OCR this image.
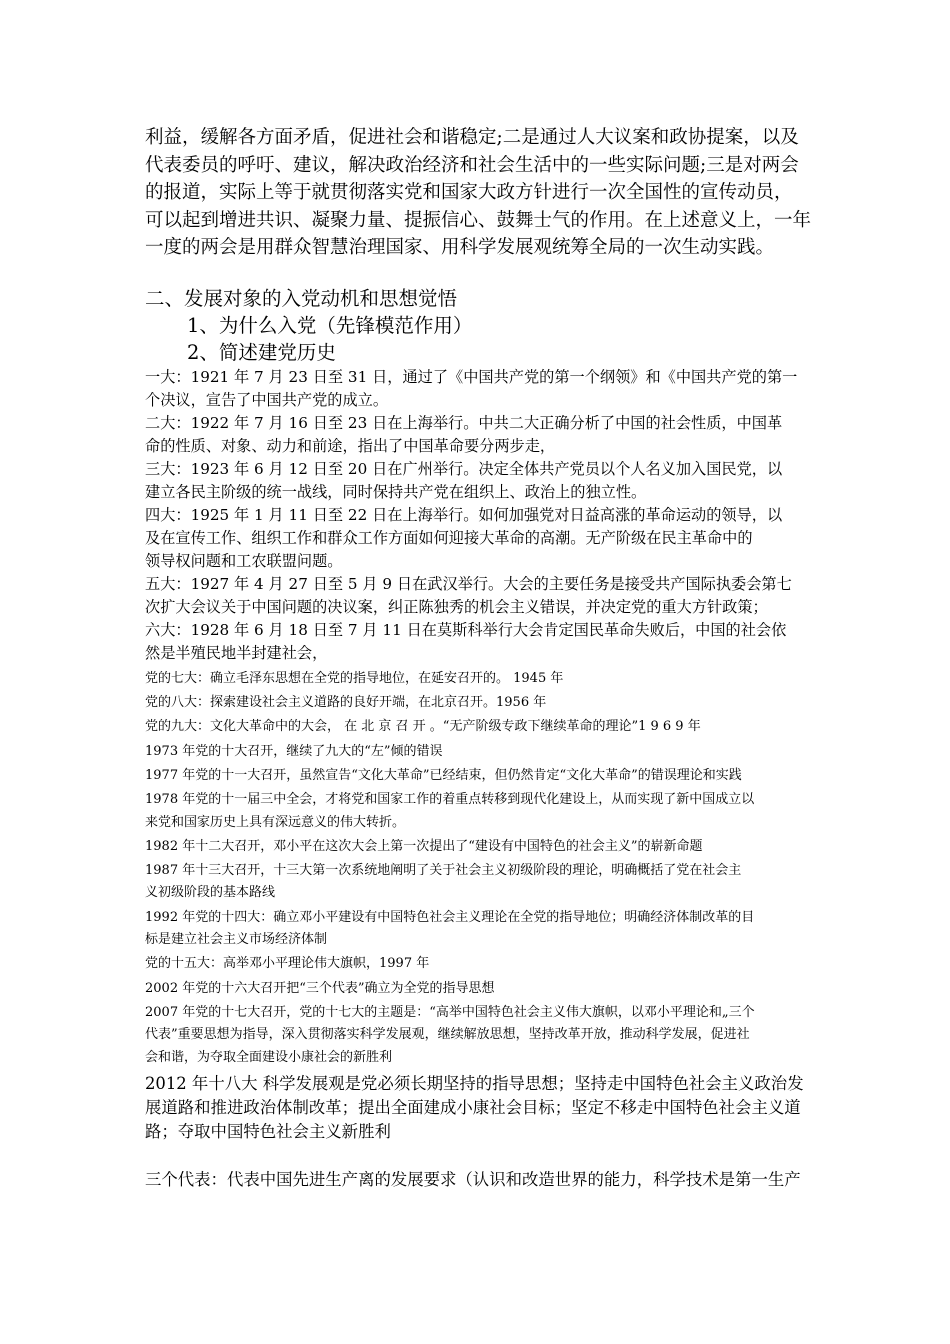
利益，缓解各方面矛盾，促进社会和谐稳定;二是通过人大议案和政协提案，以及

代表委员的呼吁、建议，解决政治经济和社会生活中的一些实际问题;三是对两会

的报道，实际上等于就贯彻落实党和国家大政方针进行一次全国性的宣传动员，

可以起到增进共识、凝聚力量、提振信心、鼓舞士气的作用。在上述意义上，一年

一度的两会是用群众智慧治理国家、用科学发展观统筹全局的一次生动实践。

二、发展对象的入党动机和思想觉悟

1、为什么入党（先锋模范作用）

2、简述建党历史

一大：1921 年 7 月 23 日至 31 日，通过了《中国共产党的第一个纲领》和《中国共产党的第一

个决议，宣告了中国共产党的成立。

二大：1922 年 7 月 16 日至 23 日在上海举行。中共二大正确分析了中国的社会性质，中国革

命的性质、对象、动力和前途，指出了中国革命要分两步走，

三大：1923 年 6 月 12 日至 20 日在广州举行。决定全体共产党员以个人名义加入国民党，以

建立各民主阶级的统一战线，同时保持共产党在组织上、政治上的独立性。

四大：1925 年 1 月 11 日至 22 日在上海举行。如何加强党对日益高涨的革命运动的领导，以

及在宣传工作、组织工作和群众工作方面如何迎接大革命的高潮。无产阶级在民主革命中的

领导权问题和工农联盟问题。

五大：1927 年 4 月 27 日至 5 月 9 日在武汉举行。大会的主要任务是接受共产国际执委会第七

次扩大会议关于中国问题的决议案，纠正陈独秀的机会主义错误，并决定党的重大方针政策；

六大：1928 年 6 月 18 日至 7 月 11 日在莫斯科举行大会肯定国民革命失败后，中国的社会依

然是半殖民地半封建社会，

党的七大：确立毛泽东思想在全党的指导地位，在延安召开的。 1945 年

党的八大：探索建设社会主义道路的良好开端，在北京召开。1956 年

党的九大：文化大革命中的大会， 在 北 京 召 开 。“无产阶级专政下继续革命的理论”1 9 6 9 年

1973 年党的十大召开，继续了九大的“左”倾的错误

1977 年党的十一大召开，虽然宣告“文化大革命”已经结束，但仍然肯定“文化大革命”的错误理论和实践

1978 年党的十一届三中全会，才将党和国家工作的着重点转移到现代化建设上，从而实现了新中国成立以

来党和国家历史上具有深远意义的伟大转折。

1982 年十二大召开，邓小平在这次大会上第一次提出了“建设有中国特色的社会主义”的崭新命题

1987 年十三大召开，十三大第一次系统地阐明了关于社会主义初级阶段的理论，明确概括了党在社会主

义初级阶段的基本路线

1992 年党的十四大：确立邓小平建设有中国特色社会主义理论在全党的指导地位；明确经济体制改革的目

标是建立社会主义市场经济体制

党的十五大：高举邓小平理论伟大旗帜，1997 年

2002 年党的十六大召开把“三个代表”确立为全党的指导思想

2007 年党的十七大召开，党的十七大的主题是：“高举中国特色社会主义伟大旗帜，以邓小平理论和„三个

代表”重要思想为指导，深入贯彻落实科学发展观，继续解放思想，坚持改革开放，推动科学发展，促进社

会和谐，为夺取全面建设小康社会的新胜利

2012 年十八大 科学发展观是党必须长期坚持的指导思想；坚持走中国特色社会主义政治发

展道路和推进政治体制改革；提出全面建成小康社会目标；坚定不移走中国特色社会主义道

路；夺取中国特色社会主义新胜利

三个代表：代表中国先进生产离的发展要求（认识和改造世界的能力，科学技术是第一生产
